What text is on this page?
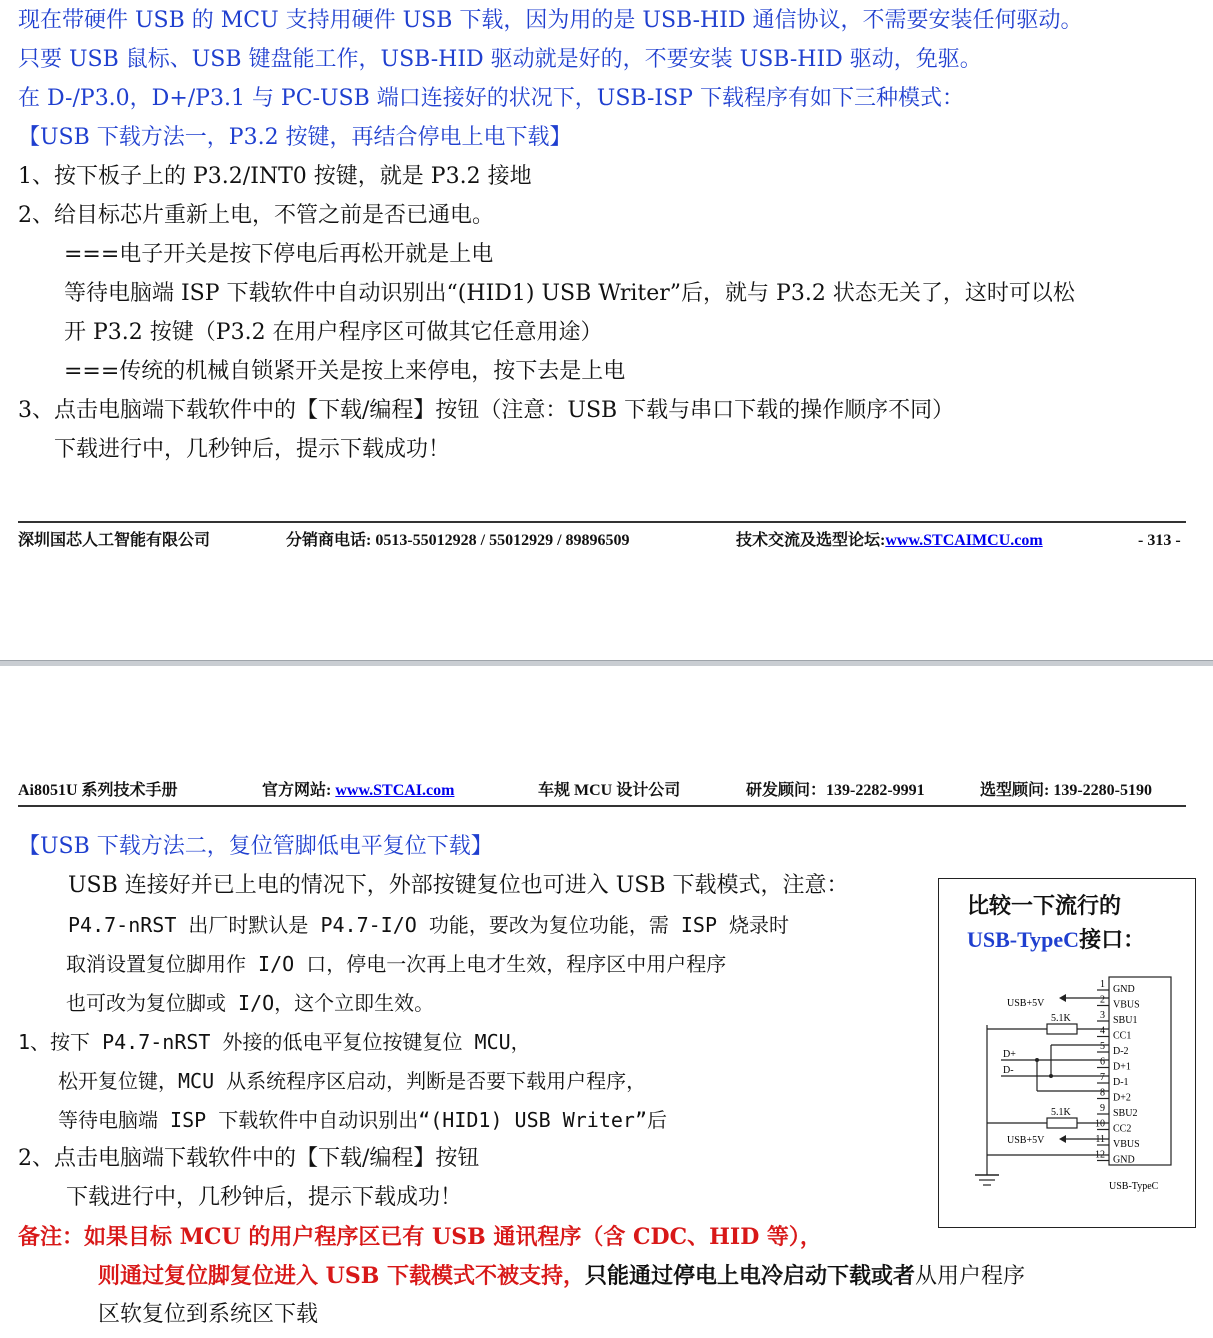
现在带硬件 USB 的 MCU 支持用硬件 USB 下载，因为用的是 USB-HID 通信协议，不需要安装任何驱动。
只要 USB 鼠标、USB 键盘能工作，USB-HID 驱动就是好的，不要安装 USB-HID 驱动，免驱。
在 D-/P3.0，D+/P3.1 与 PC-USB 端口连接好的状况下，USB-ISP 下载程序有如下三种模式：
【USB 下载方法一，P3.2 按键，再结合停电上电下载】
1、按下板子上的 P3.2/INT0 按键，就是 P3.2 接地
2、给目标芯片重新上电，不管之前是否已通电。
===电子开关是按下停电后再松开就是上电
等待电脑端 ISP 下载软件中自动识别出“(HID1) USB Writer”后，就与 P3.2 状态无关了，这时可以松
开 P3.2 按键（P3.2 在用户程序区可做其它任意用途）
===传统的机械自锁紧开关是按上来停电，按下去是上电
3、点击电脑端下载软件中的【下载/编程】按钮（注意：USB 下载与串口下载的操作顺序不同）
下载进行中，几秒钟后，提示下载成功！
深圳国芯人工智能有限公司	分销商电话: 0513-55012928 / 55012929 / 89896509	技术交流及选型论坛:www.STCAIMCU.com	- 313 -
Ai8051U 系列技术手册	官方网站: www.STCAI.com	车规 MCU 设计公司	研发顾问：139-2282-9991	选型顾问: 139-2280-5190
【USB 下载方法二，复位管脚低电平复位下载】
USB 连接好并已上电的情况下，外部按键复位也可进入 USB 下载模式，注意：
P4.7-nRST 出厂时默认是 P4.7-I/O 功能，要改为复位功能，需 ISP 烧录时
取消设置复位脚用作 I/O 口，停电一次再上电才生效，程序区中用户程序
也可改为复位脚或 I/O，这个立即生效。
1、按下 P4.7-nRST 外接的低电平复位按键复位 MCU，
松开复位键，MCU 从系统程序区启动，判断是否要下载用户程序，
等待电脑端 ISP 下载软件中自动识别出“(HID1) USB Writer”后
2、点击电脑端下载软件中的【下载/编程】按钮
下载进行中，几秒钟后，提示下载成功！
备注：如果目标 MCU 的用户程序区已有 USB 通讯程序（含 CDC、HID 等），
则通过复位脚复位进入 USB 下载模式不被支持，只能通过停电上电冷启动下载或者从用户程序
区软复位到系统区下载
比较一下流行的
USB-TypeC接口：
1
2
3
4
5
6
7
8
9
10
11
12
GND
VBUS
SBU1
CC1
D-2
D+1
D-1
D+2
SBU2
CC2
VBUS
GND
USB+5V
5.1K
D+
D-
5.1K
USB+5V
USB-TypeC
